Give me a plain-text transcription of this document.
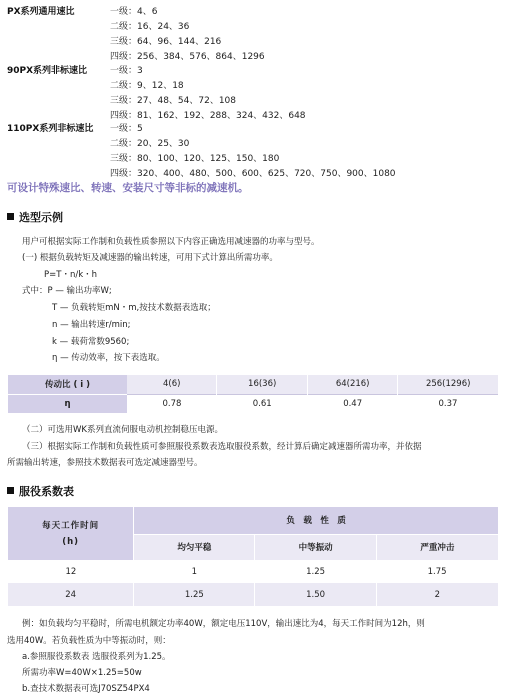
PX系列通用速比	一级：4、6
二级：16、24、36
三级：64、96、144、216
四级：256、384、576、864、1296
90PX系列非标速比	一级：3
二级：9、12、18
三级：27、48、54、72、108
四级：81、162、192、288、324、432、648
110PX系列非标速比 一级：5
二级：20、25、30
三级：80、100、120、125、150、180
四级：320、400、480、500、600、625、720、750、900、1080
可设计特殊速比、转速、安装尺寸等非标的减速机。
选型示例
用户可根据实际工作制和负载性质参照以下内容正确选用减速器的功率与型号。
(一) 根据负载转矩及减速器的输出转速，可用下式计算出所需功率。
P=T・n/k・h
式中：P — 输出功率W;
T — 负载转矩mN・m,按技术数据表选取；
n — 输出转速r/min;
k — 载荷常数9560;
η — 传动效率，按下表选取。
传动比 ( i )	4(6)	16(36)	64(216)	256(1296)
η	0.78	0.61	0.47	0.37
（二）可选用WK系列直流伺服电动机控制稳压电源。
（三）根据实际工作制和负载性质可参照服役系数表选取服役系数，经计算后确定减速器所需功率，并依据
所需输出转速，参照技术数据表可选定减速器型号。
服役系数表
每天工作时间
(h)	负　载　性　质		
	均匀平稳	中等振动	严重冲击
12	1	1.25	1.75
24	1.25	1.50	2
例：如负载均匀平稳时，所需电机额定功率40W，额定电压110V，输出速比为4，每天工作时间为12h，则
选用40W。若负载性质为中等振动时，则：
a.参照服役系数表 选服役系列为1.25。
所需功率W=40W×1.25=50w
b.查技术数据表可选J70SZ54PX4
